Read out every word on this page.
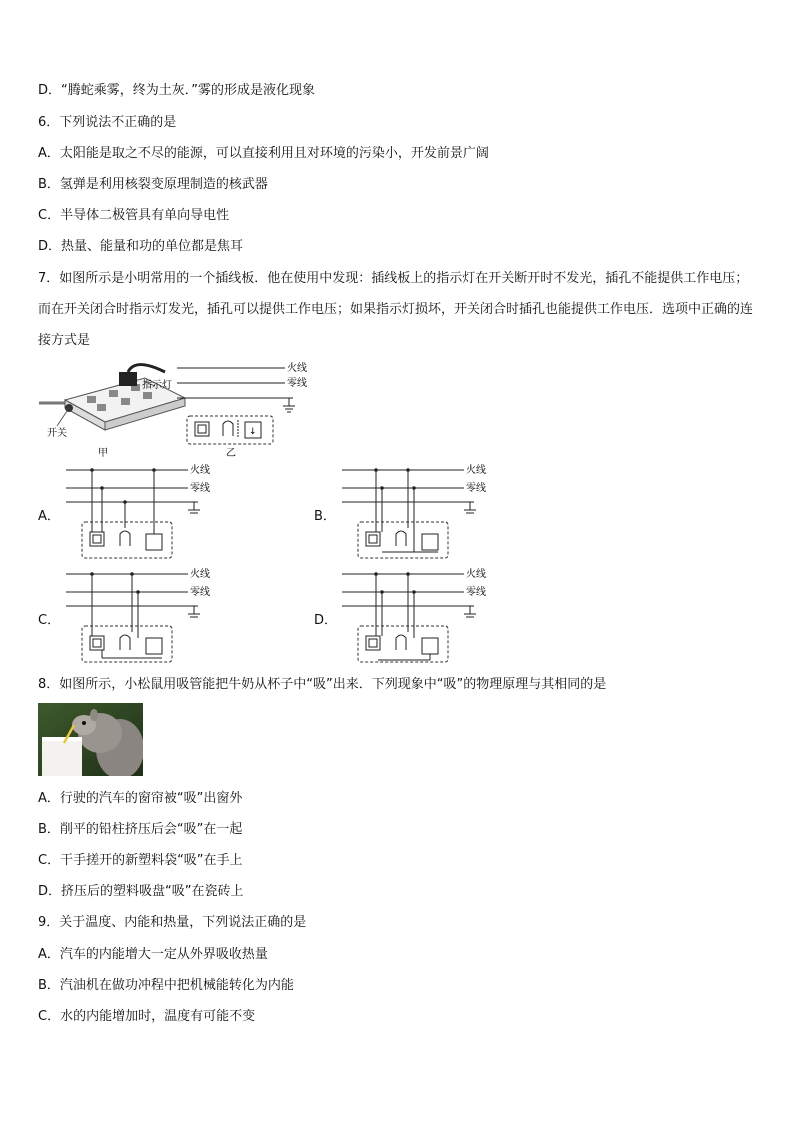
D．“腾蛇乘雾，终为土灰．”雾的形成是液化现象
6．下列说法不正确的是
A．太阳能是取之不尽的能源，可以直接利用且对环境的污染小，开发前景广阔
B．氢弹是利用核裂变原理制造的核武器
C．半导体二极管具有单向导电性
D．热量、能量和功的单位都是焦耳
7．如图所示是小明常用的一个插线板．他在使用中发现：插线板上的指示灯在开关断开时不发光，插孔不能提供工作电压；而在开关闭合时指示灯发光，插孔可以提供工作电压；如果指示灯损坏，开关闭合时插孔也能提供工作电压．选项中正确的连接方式是
指示灯
开关
甲
火线
零线
↓
乙
A．	B．
C．	D．
火线
零线
火线
零线
火线
零线
火线
零线
8．如图所示，小松鼠用吸管能把牛奶从杯子中“吸”出来．下列现象中“吸”的物理原理与其相同的是
A．行驶的汽车的窗帘被“吸”出窗外
B．削平的铅柱挤压后会“吸”在一起
C．干手搓开的新塑料袋“吸”在手上
D．挤压后的塑料吸盘“吸”在瓷砖上
9．关于温度、内能和热量，下列说法正确的是
A．汽车的内能增大一定从外界吸收热量
B．汽油机在做功冲程中把机械能转化为内能
C．水的内能增加时，温度有可能不变
